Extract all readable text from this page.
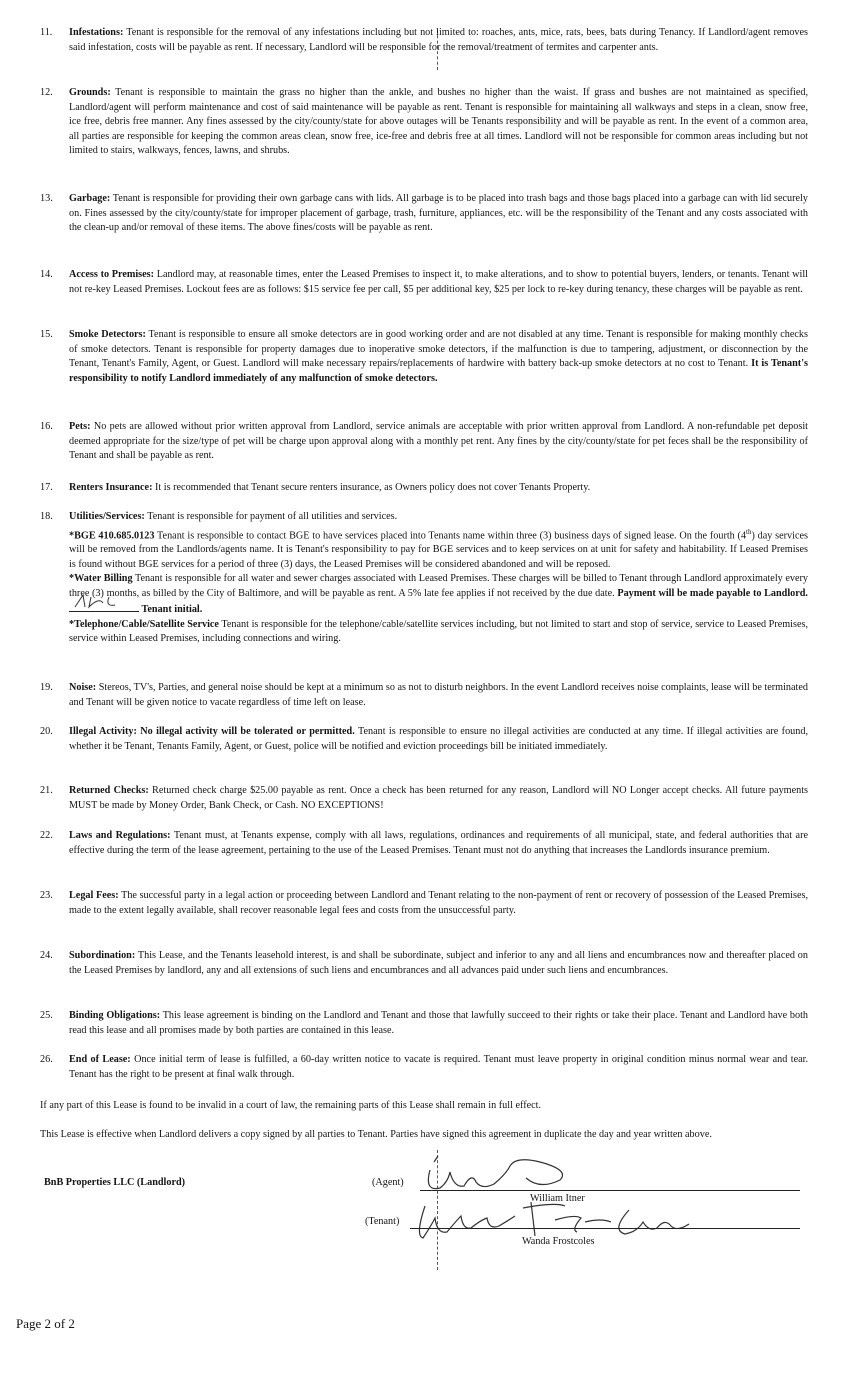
11.	Infestations: Tenant is responsible for the removal of any infestations including but not limited to: roaches, ants, mice, rats, bees, bats during Tenancy. If Landlord/agent removes said infestation, costs will be payable as rent. If necessary, Landlord will be responsible for the removal/treatment of termites and carpenter ants.
12.	Grounds: Tenant is responsible to maintain the grass no higher than the ankle, and bushes no higher than the waist. If grass and bushes are not maintained as specified, Landlord/agent will perform maintenance and cost of said maintenance will be payable as rent. Tenant is responsible for maintaining all walkways and steps in a clean, snow free, ice free, debris free manner. Any fines assessed by the city/county/state for above outages will be Tenants responsibility and will be payable as rent. In the event of a common area, all parties are responsible for keeping the common areas clean, snow free, ice-free and debris free at all times. Landlord will not be responsible for common areas including but not limited to stairs, walkways, fences, lawns, and shrubs.
13.	Garbage: Tenant is responsible for providing their own garbage cans with lids. All garbage is to be placed into trash bags and those bags placed into a garbage can with lid securely on. Fines assessed by the city/county/state for improper placement of garbage, trash, furniture, appliances, etc. will be the responsibility of the Tenant and any costs associated with the clean-up and/or removal of these items. The above fines/costs will be payable as rent.
14.	Access to Premises: Landlord may, at reasonable times, enter the Leased Premises to inspect it, to make alterations, and to show to potential buyers, lenders, or tenants. Tenant will not re-key Leased Premises. Lockout fees are as follows: $15 service fee per call, $5 per additional key, $25 per lock to re-key during tenancy, these charges will be payable as rent.
15.	Smoke Detectors: Tenant is responsible to ensure all smoke detectors are in good working order and are not disabled at any time. Tenant is responsible for making monthly checks of smoke detectors. Tenant is responsible for property damages due to inoperative smoke detectors, if the malfunction is due to tampering, adjustment, or disconnection by the Tenant, Tenant's Family, Agent, or Guest. Landlord will make necessary repairs/replacements of hardwire with battery back-up smoke detectors at no cost to Tenant. It is Tenant's responsibility to notify Landlord immediately of any malfunction of smoke detectors.
16.	Pets: No pets are allowed without prior written approval from Landlord, service animals are acceptable with prior written approval from Landlord. A non-refundable pet deposit deemed appropriate for the size/type of pet will be charge upon approval along with a monthly pet rent. Any fines by the city/county/state for pet feces shall be the responsibility of Tenant and shall be payable as rent.
17.	Renters Insurance: It is recommended that Tenant secure renters insurance, as Owners policy does not cover Tenants Property.
18.	Utilities/Services: Tenant is responsible for payment of all utilities and services.
*BGE 410.685.0123 Tenant is responsible to contact BGE to have services placed into Tenants name within three (3) business days of signed lease. On the fourth (4th) day services will be removed from the Landlords/agents name. It is Tenant's responsibility to pay for BGE services and to keep services on at unit for safety and habitability. If Leased Premises is found without BGE services for a period of three (3) days, the Leased Premises will be considered abandoned and will be reposed.
*Water Billing Tenant is responsible for all water and sewer charges associated with Leased Premises. These charges will be billed to Tenant through Landlord approximately every three (3) months, as billed by the City of Baltimore, and will be payable as rent. A 5% late fee applies if not received by the due date. Payment will be made payable to Landlord.
Tenant initial.
*Telephone/Cable/Satellite Service Tenant is responsible for the telephone/cable/satellite services including, but not limited to start and stop of service, service to Leased Premises, service within Leased Premises, including connections and wiring.
19.	Noise: Stereos, TV's, Parties, and general noise should be kept at a minimum so as not to disturb neighbors. In the event Landlord receives noise complaints, lease will be terminated and Tenant will be given notice to vacate regardless of time left on lease.
20.	Illegal Activity: No illegal activity will be tolerated or permitted. Tenant is responsible to ensure no illegal activities are conducted at any time. If illegal activities are found, whether it be Tenant, Tenants Family, Agent, or Guest, police will be notified and eviction proceedings bill be initiated immediately.
21.	Returned Checks: Returned check charge $25.00 payable as rent. Once a check has been returned for any reason, Landlord will NO Longer accept checks. All future payments MUST be made by Money Order, Bank Check, or Cash. NO EXCEPTIONS!
22.	Laws and Regulations: Tenant must, at Tenants expense, comply with all laws, regulations, ordinances and requirements of all municipal, state, and federal authorities that are effective during the term of the lease agreement, pertaining to the use of the Leased Premises. Tenant must not do anything that increases the Landlords insurance premium.
23.	Legal Fees: The successful party in a legal action or proceeding between Landlord and Tenant relating to the non-payment of rent or recovery of possession of the Leased Premises, made to the extent legally available, shall recover reasonable legal fees and costs from the unsuccessful party.
24.	Subordination: This Lease, and the Tenants leasehold interest, is and shall be subordinate, subject and inferior to any and all liens and encumbrances now and thereafter placed on the Leased Premises by landlord, any and all extensions of such liens and encumbrances and all advances paid under such liens and encumbrances.
25.	Binding Obligations: This lease agreement is binding on the Landlord and Tenant and those that lawfully succeed to their rights or take their place. Tenant and Landlord have both read this lease and all promises made by both parties are contained in this lease.
26.	End of Lease: Once initial term of lease is fulfilled, a 60-day written notice to vacate is required. Tenant must leave property in original condition minus normal wear and tear. Tenant has the right to be present at final walk through.
If any part of this Lease is found to be invalid in a court of law, the remaining parts of this Lease shall remain in full effect.
This Lease is effective when Landlord delivers a copy signed by all parties to Tenant. Parties have signed this agreement in duplicate the day and year written above.
BnB Properties LLC (Landlord)	(Agent)
William Itner
(Tenant)
Wanda Frostcoles
Page 2 of 2
